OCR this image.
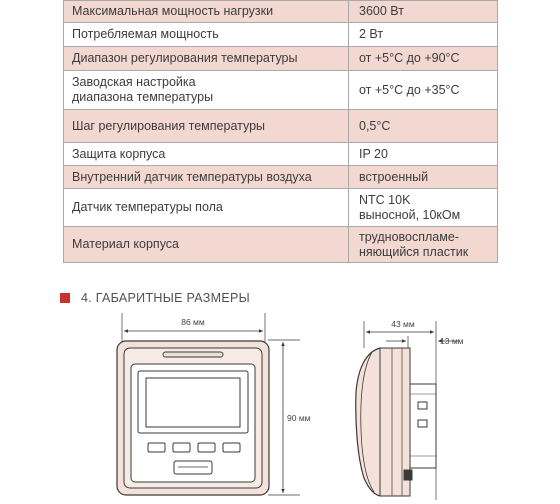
Максимальная мощность нагрузки	3600 Вт
Потребляемая мощность	2 Вт
Диапазон регулирования температуры	от +5°С до +90°С
Заводская настройка
диапазона температуры	от +5°С до +35°С
Шаг регулирования температуры	0,5°С
Защита корпуса	IP 20
Внутренний датчик температуры воздуха	встроенный
Датчик температуры пола	NTC 10K
выносной, 10кОм
Материал корпуса	трудновоспламе-
няющийся пластик
4. ГАБАРИТНЫЕ РАЗМЕРЫ
86 мм
90 мм
43 мм
13 мм
